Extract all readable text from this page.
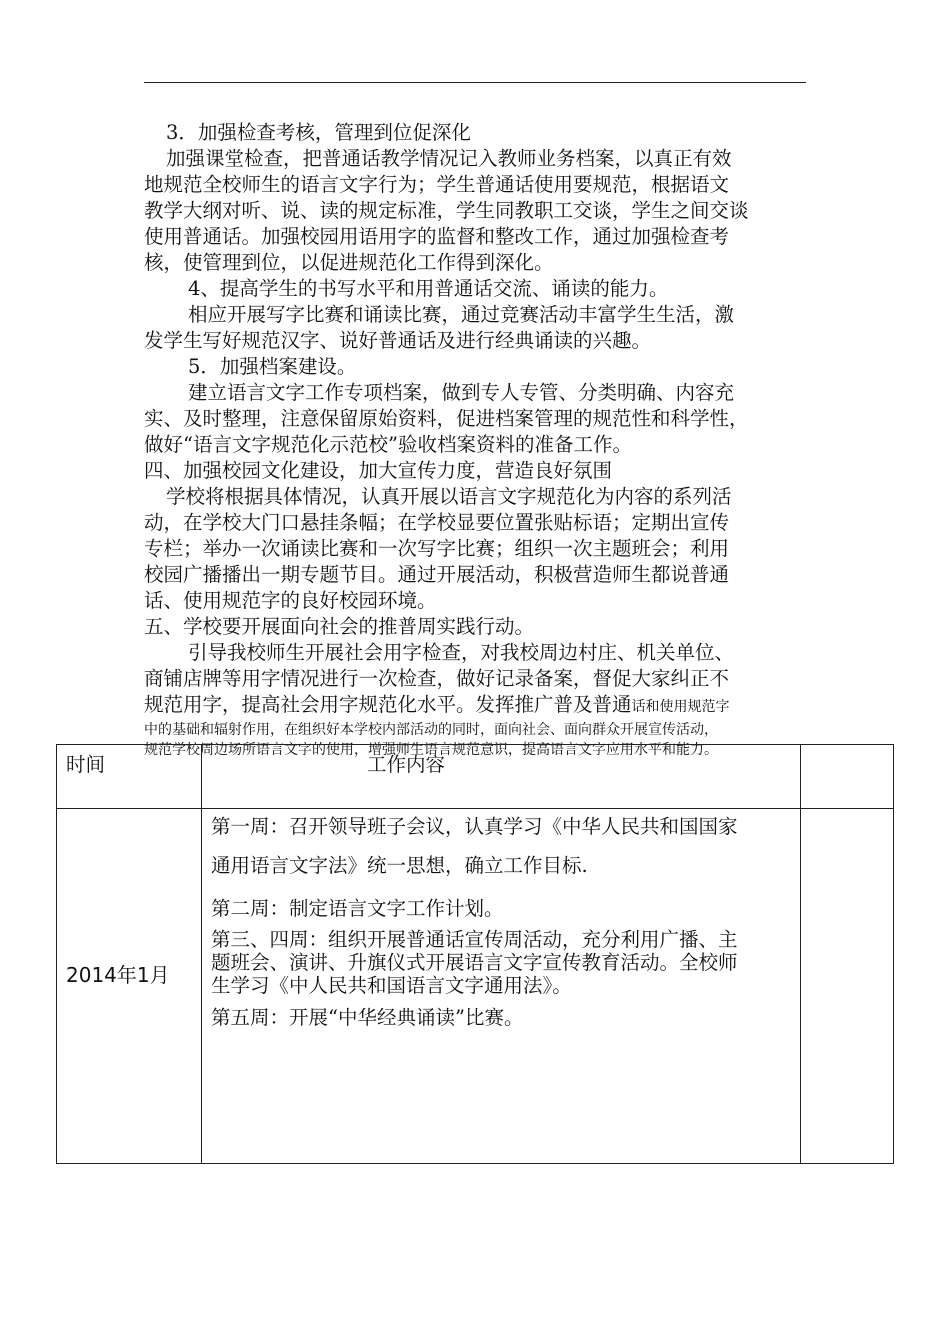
3．加强检查考核，管理到位促深化

加强课堂检查，把普通话教学情况记入教师业务档案，以真正有效

地规范全校师生的语言文字行为；学生普通话使用要规范，根据语文

教学大纲对听、说、读的规定标准，学生同教职工交谈，学生之间交谈

使用普通话。加强校园用语用字的监督和整改工作，通过加强检查考

核，使管理到位，以促进规范化工作得到深化。

4、提高学生的书写水平和用普通话交流、诵读的能力。

相应开展写字比赛和诵读比赛，通过竞赛活动丰富学生生活，激

发学生写好规范汉字、说好普通话及进行经典诵读的兴趣。

5．加强档案建设。

建立语言文字工作专项档案，做到专人专管、分类明确、内容充

实、及时整理，注意保留原始资料，促进档案管理的规范性和科学性，

做好“语言文字规范化示范校”验收档案资料的准备工作。

四、加强校园文化建设，加大宣传力度，营造良好氛围

学校将根据具体情况，认真开展以语言文字规范化为内容的系列活

动，在学校大门口悬挂条幅；在学校显要位置张贴标语；定期出宣传

专栏；举办一次诵读比赛和一次写字比赛；组织一次主题班会；利用

校园广播播出一期专题节目。通过开展活动，积极营造师生都说普通

话、使用规范字的良好校园环境。

五、学校要开展面向社会的推普周实践行动。

引导我校师生开展社会用字检查，对我校周边村庄、机关单位、

商铺店牌等用字情况进行一次检查，做好记录备案，督促大家纠正不

规范用字，提高社会用字规范化水平。发挥推广普及普通话和使用规范字

中的基础和辐射作用，在组织好本学校内部活动的同时，面向社会、面向群众开展宣传活动，

规范学校周边场所语言文字的使用，增强师生语言规范意识，提高语言文字应用水平和能力。

时间	工作内容
2014年1月
第一周：召开领导班子会议，认真学习《中华人民共和国国家
通用语言文字法》统一思想，确立工作目标.
第二周：制定语言文字工作计划。
第三、四周：组织开展普通话宣传周活动，充分利用广播、主
题班会、演讲、升旗仪式开展语言文字宣传教育活动。全校师
生学习《中人民共和国语言文字通用法》。
第五周：开展“中华经典诵读”比赛。
